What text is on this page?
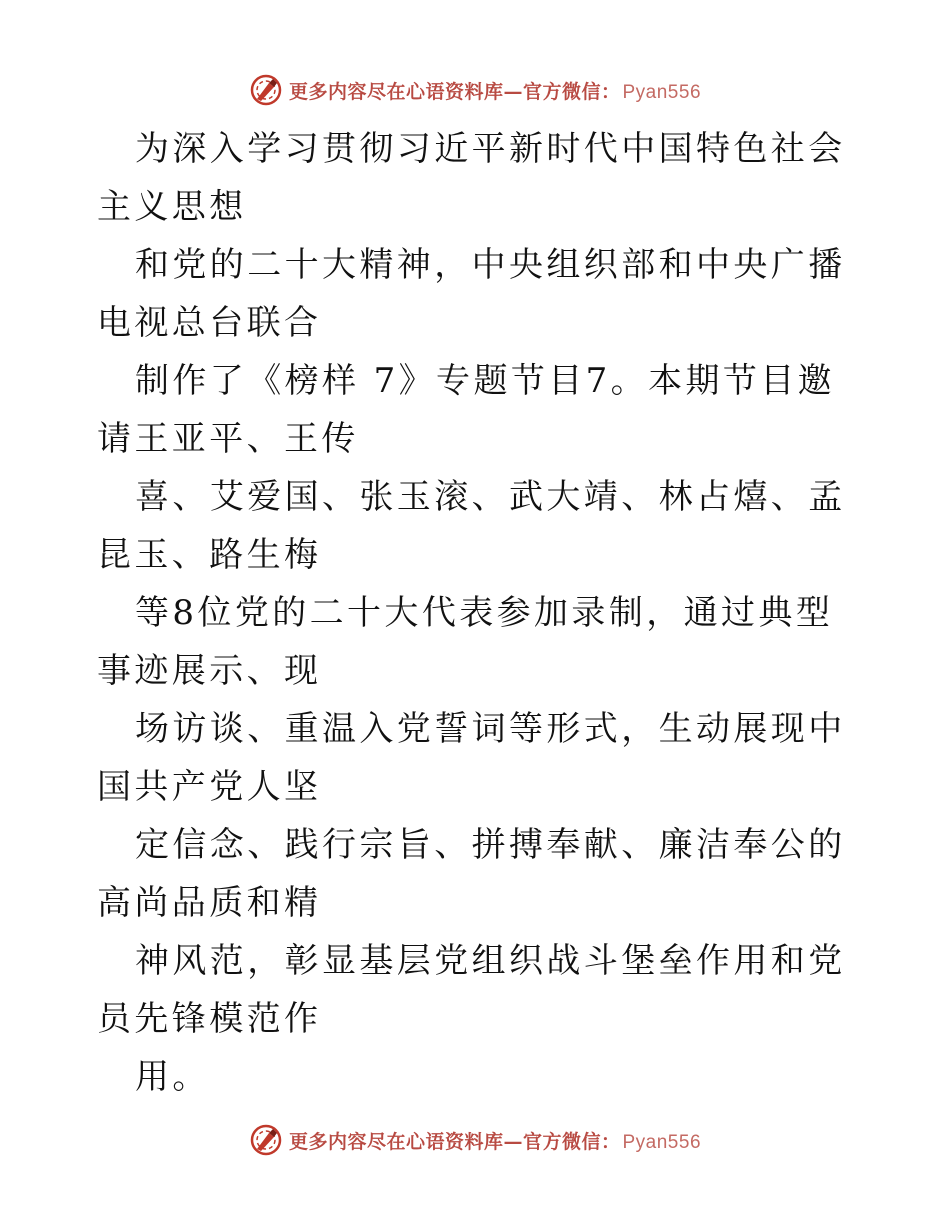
更多内容尽在心语资料库—官方微信： Pyan556

为深入学习贯彻习近平新时代中国特色社会主义思想

和党的二十大精神，中央组织部和中央广播电视总台联合

制作了《榜样 7》专题节目7。本期节目邀请王亚平、王传

喜、艾爱国、张玉滚、武大靖、林占熺、孟昆玉、路生梅

等8位党的二十大代表参加录制，通过典型事迹展示、现

场访谈、重温入党誓词等形式，生动展现中国共产党人坚

定信念、践行宗旨、拼搏奉献、廉洁奉公的高尚品质和精

神风范，彰显基层党组织战斗堡垒作用和党员先锋模范作

用。

更多内容尽在心语资料库—官方微信： Pyan556
